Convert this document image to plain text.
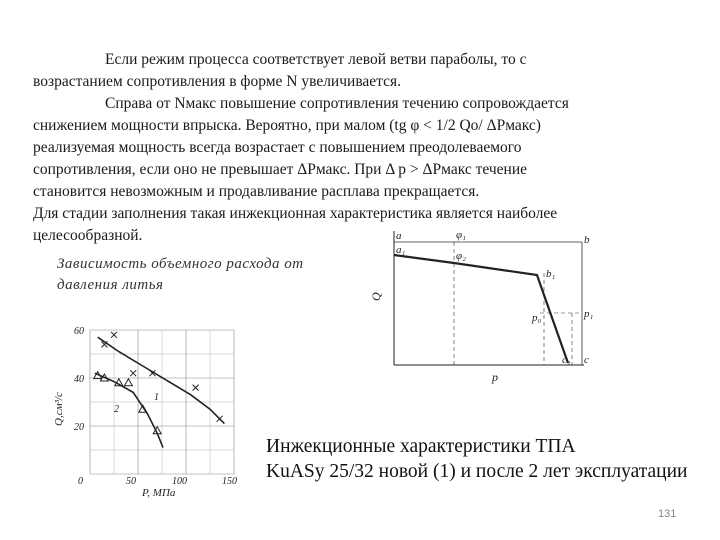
Если режим процесса соответствует левой ветви параболы, то с
возрастанием сопротивления в форме N увеличивается.
Справа от Nмакс повышение сопротивления течению сопровождается
снижением мощности впрыска. Вероятно, при малом (tg φ < 1/2 Qo/ ΔPмакс)
реализуемая мощность всегда возрастает с повышением преодолеваемого
сопротивления, если оно не превышает ΔPмакс. При Δ p > ΔPмакс течение
становится невозможным и продавливание расплава прекращается.
Для стадии заполнения такая инжекционная характеристика является наиболее
целесообразной.
Зависимость объемного расхода от
давления литья
60
40
20
0	50	100	150
Q,см³/с
P, МПа
1
2
a
a₁
φ₁
φ₂
b
b₁
p₀	p₁
c₁ c
Q
p
Инжекционные характеристики ТПА
KuASy 25/32 новой (1) и после 2 лет эксплуатации
131
